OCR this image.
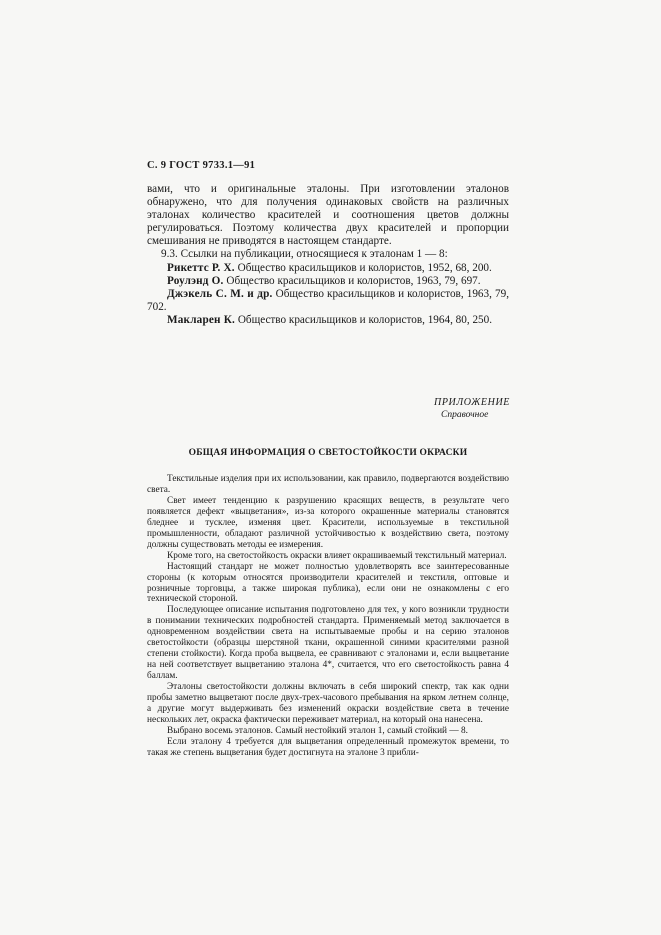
С. 9 ГОСТ 9733.1—91

вами, что и оригинальные эталоны. При изготовлении эталонов обнаружено, что для получения одинаковых свойств на различных эталонах количество красителей и соотношения цветов должны регулироваться. Поэтому количества двух красителей и пропорции смешивания не приводятся в настоящем стандарте.

9.3. Ссылки на публикации, относящиеся к эталонам 1 — 8:

Рикеттс Р. Х. Общество красильщиков и колористов, 1952, 68, 200.

Роулэнд О. Общество красильщиков и колористов, 1963, 79, 697.

Джэкель С. М. и др. Общество красильщиков и колористов, 1963, 79, 702.

Макларен К. Общество красильщиков и колористов, 1964, 80, 250.

ПРИЛОЖЕНИЕ
Справочное
ОБЩАЯ ИНФОРМАЦИЯ О СВЕТОСТОЙКОСТИ ОКРАСКИ

Текстильные изделия при их использовании, как правило, подвергаются воздействию света.

Свет имеет тенденцию к разрушению красящих веществ, в результате чего появляется дефект «выцветания», из-за которого окрашенные материалы становятся бледнее и тусклее, изменяя цвет. Красители, используемые в текстильной промышленности, обладают различной устойчивостью к воздействию света, поэтому должны существовать методы ее измерения.

Кроме того, на светостойкость окраски влияет окрашиваемый текстильный материал.

Настоящий стандарт не может полностью удовлетворять все заинтересованные стороны (к которым относятся производители красителей и текстиля, оптовые и розничные торговцы, а также широкая публика), если они не ознакомлены с его технической стороной.

Последующее описание испытания подготовлено для тех, у кого возникли трудности в понимании технических подробностей стандарта. Применяемый метод заключается в одновременном воздействии света на испытываемые пробы и на серию эталонов светостойкости (образцы шерстяной ткани, окрашенной синими красителями разной степени стойкости). Когда проба выцвела, ее сравнивают с эталонами и, если выцветание на ней соответствует выцветанию эталона 4*, считается, что его светостойкость равна 4 баллам.

Эталоны светостойкости должны включать в себя широкий спектр, так как одни пробы заметно выцветают после двух-трех-часового пребывания на ярком летнем солнце, а другие могут выдерживать без изменений окраски воздействие света в течение нескольких лет, окраска фактически переживает материал, на который она нанесена.

Выбрано восемь эталонов. Самый нестойкий эталон 1, самый стойкий — 8.

Если эталону 4 требуется для выцветания определенный промежуток времени, то такая же степень выцветания будет достигнута на эталоне 3 прибли-
